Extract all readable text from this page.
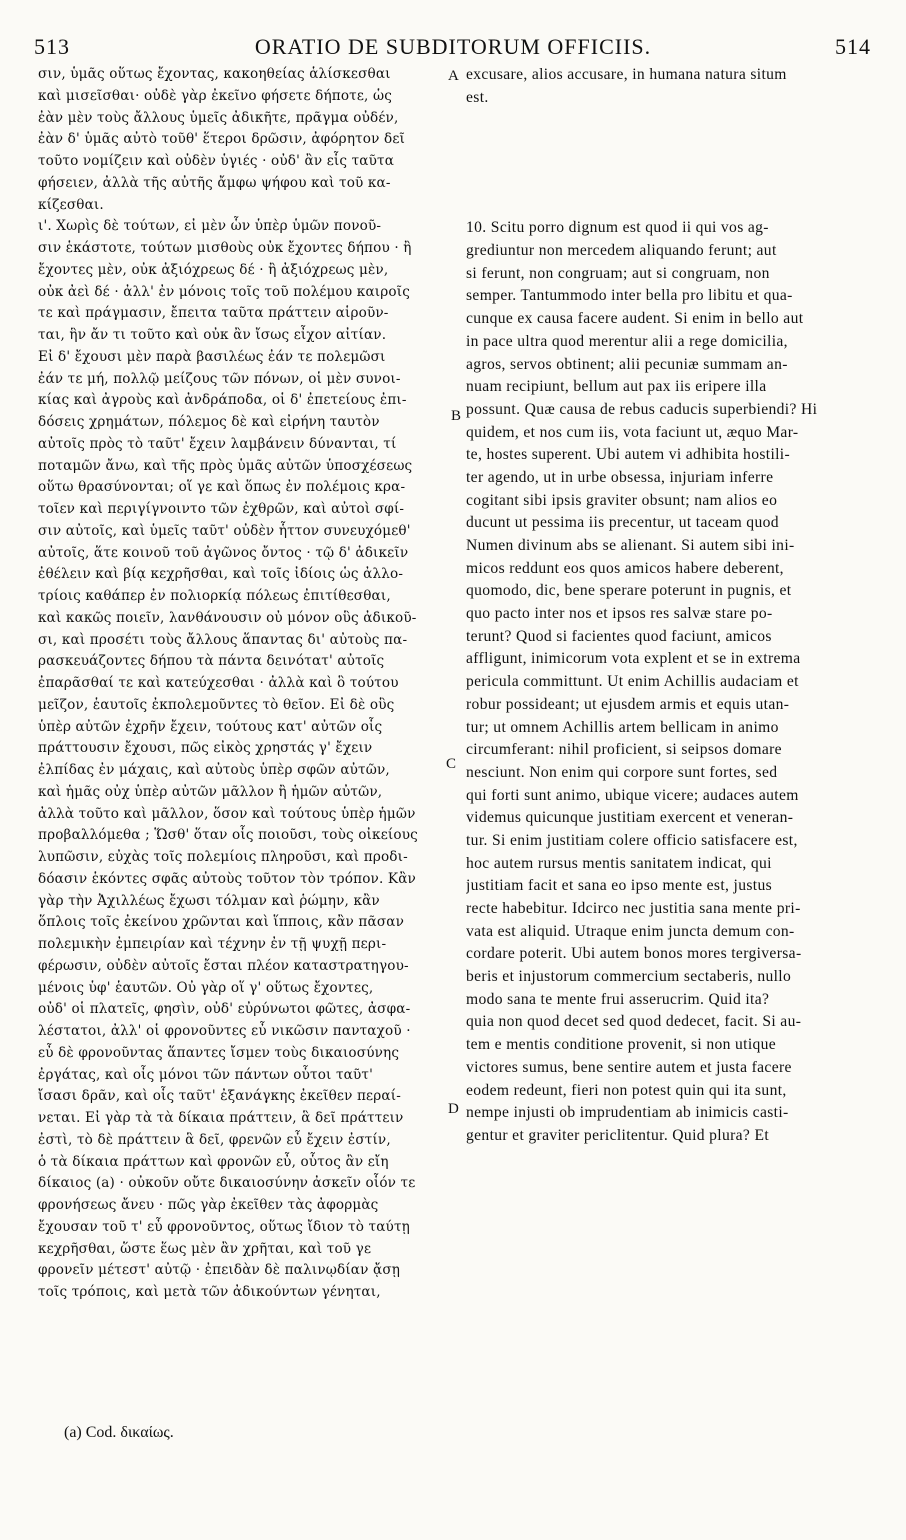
513	ORATIO DE SUBDITORUM OFFICIIS.	514
σιν, ὑμᾶς οὕτως ἔχοντας, κακοηθείας ἁλίσκεσθαι
καὶ μισεῖσθαι· οὐδὲ γὰρ ἐκεῖνο φήσετε δήποτε, ὡς
ἐὰν μὲν τοὺς ἄλλους ὑμεῖς ἀδικῆτε, πρᾶγμα οὐδέν,
ἐὰν δ' ὑμᾶς αὐτὸ τοῦθ' ἕτεροι δρῶσιν, ἀφόρητον δεῖ
τοῦτο νομίζειν καὶ οὐδὲν ὑγιές · οὐδ' ἂν εἷς ταῦτα
φήσειεν, ἀλλὰ τῆς αὐτῆς ἄμφω ψήφου καὶ τοῦ κα-
κίζεσθαι.
ι'. Χωρὶς δὲ τούτων, εἰ μὲν ὧν ὑπὲρ ὑμῶν πονοῦ-
σιν ἑκάστοτε, τούτων μισθοὺς οὐκ ἔχοντες δήπου · ἢ
ἔχοντες μὲν, οὐκ ἀξιόχρεως δέ · ἢ ἀξιόχρεως μὲν,
οὐκ ἀεὶ δέ · ἀλλ' ἐν μόνοις τοῖς τοῦ πολέμου καιροῖς
τε καὶ πράγμασιν, ἔπειτα ταῦτα πράττειν αἱροῦν-
ται, ἣν ἄν τι τοῦτο καὶ οὐκ ἂν ἴσως εἶχον αἰτίαν.
Εἰ δ' ἔχουσι μὲν παρὰ βασιλέως ἐάν τε πολεμῶσι
ἐάν τε μή, πολλῷ μείζους τῶν πόνων, οἱ μὲν συνοι-
κίας καὶ ἀγροὺς καὶ ἀνδράποδα, οἱ δ' ἐπετείους ἐπι-
δόσεις χρημάτων, πόλεμος δὲ καὶ εἰρήνη ταυτὸν
αὐτοῖς πρὸς τὸ ταῦτ' ἔχειν λαμβάνειν δύνανται, τί
ποταμῶν ἄνω, καὶ τῆς πρὸς ὑμᾶς αὐτῶν ὑποσχέσεως
οὕτω θρασύνονται; οἵ γε καὶ ὅπως ἐν πολέμοις κρα-
τοῖεν καὶ περιγίγνοιντο τῶν ἐχθρῶν, καὶ αὐτοὶ σφί-
σιν αὐτοῖς, καὶ ὑμεῖς ταῦτ' οὐδὲν ἧττον συνευχόμεθ'
αὐτοῖς, ἅτε κοινοῦ τοῦ ἀγῶνος ὄντος · τῷ δ' ἀδικεῖν
ἐθέλειν καὶ βίᾳ κεχρῆσθαι, καὶ τοῖς ἰδίοις ὡς ἀλλο-
τρίοις καθάπερ ἐν πολιορκίᾳ πόλεως ἐπιτίθεσθαι,
καὶ κακῶς ποιεῖν, λανθάνουσιν οὐ μόνον οὓς ἀδικοῦ-
σι, καὶ προσέτι τοὺς ἄλλους ἅπαντας δι' αὐτοὺς πα-
ρασκευάζοντες δήπου τὰ πάντα δεινότατ' αὐτοῖς
ἐπαρᾶσθαί τε καὶ κατεύχεσθαι · ἀλλὰ καὶ ὃ τούτου
μεῖζον, ἑαυτοῖς ἐκπολεμοῦντες τὸ θεῖον. Εἰ δὲ οὓς
ὑπὲρ αὐτῶν ἐχρῆν ἔχειν, τούτους κατ' αὐτῶν οἷς
πράττουσιν ἔχουσι, πῶς εἰκὸς χρηστάς γ' ἔχειν
ἐλπίδας ἐν μάχαις, καὶ αὐτοὺς ὑπὲρ σφῶν αὐτῶν,
καὶ ἡμᾶς οὐχ ὑπὲρ αὐτῶν μᾶλλον ἢ ἡμῶν αὐτῶν,
ἀλλὰ τοῦτο καὶ μᾶλλον, ὅσον καὶ τούτους ὑπὲρ ἡμῶν
προβαλλόμεθα ; Ὥσθ' ὅταν οἷς ποιοῦσι, τοὺς οἰκείους
λυπῶσιν, εὐχὰς τοῖς πολεμίοις πληροῦσι, καὶ προδι-
δόασιν ἑκόντες σφᾶς αὐτοὺς τοῦτον τὸν τρόπον. Κἂν
γὰρ τὴν Ἀχιλλέως ἔχωσι τόλμαν καὶ ῥώμην, κἂν
ὅπλοις τοῖς ἐκείνου χρῶνται καὶ ἵπποις, κἂν πᾶσαν
πολεμικὴν ἐμπειρίαν καὶ τέχνην ἐν τῇ ψυχῇ περι-
φέρωσιν, οὐδὲν αὐτοῖς ἔσται πλέον καταστρατηγου-
μένοις ὑφ' ἑαυτῶν. Οὐ γὰρ οἵ γ' οὕτως ἔχοντες,
οὐδ' οἱ πλατεῖς, φησὶν, οὐδ' εὐρύνωτοι φῶτες, ἀσφα-
λέστατοι, ἀλλ' οἱ φρονοῦντες εὖ νικῶσιν πανταχοῦ ·
εὖ δὲ φρονοῦντας ἅπαντες ἴσμεν τοὺς δικαιοσύνης
ἐργάτας, καὶ οἷς μόνοι τῶν πάντων οὗτοι ταῦτ'
ἴσασι δρᾶν, καὶ οἷς ταῦτ' ἐξανάγκης ἐκεῖθεν περαί-
νεται. Εἰ γὰρ τὰ τὰ δίκαια πράττειν, ἃ δεῖ πράττειν
ἐστὶ, τὸ δὲ πράττειν ἃ δεῖ, φρενῶν εὖ ἔχειν ἐστίν,
ὁ τὰ δίκαια πράττων καὶ φρονῶν εὖ, οὗτος ἂν εἴη
δίκαιος (a) · οὐκοῦν οὔτε δικαιοσύνην ἀσκεῖν οἷόν τε
φρονήσεως ἄνευ · πῶς γὰρ ἐκεῖθεν τὰς ἀφορμὰς
ἔχουσαν τοῦ τ' εὖ φρονοῦντος, οὕτως ἴδιον τὸ ταύτῃ
κεχρῆσθαι, ὥστε ἕως μὲν ἂν χρῆται, καὶ τοῦ γε
φρονεῖν μέτεστ' αὐτῷ · ἐπειδὰν δὲ παλινῳδίαν ᾄσῃ
τοῖς τρόποις, καὶ μετὰ τῶν ἀδικούντων γένηται,
excusare, alios accusare, in humana natura situm
est.
10. Scitu porro dignum est quod ii qui vos ag-
grediuntur non mercedem aliquando ferunt; aut
si ferunt, non congruam; aut si congruam, non
semper. Tantummodo inter bella pro libitu et qua-
cunque ex causa facere audent. Si enim in bello aut
in pace ultra quod merentur alii a rege domicilia,
agros, servos obtinent; alii pecuniæ summam an-
nuam recipiunt, bellum aut pax iis eripere illa
possunt. Quæ causa de rebus caducis superbiendi? Hi
quidem, et nos cum iis, vota faciunt ut, æquo Mar-
te, hostes superent. Ubi autem vi adhibita hostili-
ter agendo, ut in urbe obsessa, injuriam inferre
cogitant sibi ipsis graviter obsunt; nam alios eo
ducunt ut pessima iis precentur, ut taceam quod
Numen divinum abs se alienant. Si autem sibi ini-
micos reddunt eos quos amicos habere deberent,
quomodo, dic, bene sperare poterunt in pugnis, et
quo pacto inter nos et ipsos res salvæ stare po-
terunt? Quod si facientes quod faciunt, amicos
affligunt, inimicorum vota explent et se in extrema
pericula committunt. Ut enim Achillis audaciam et
robur possideant; ut ejusdem armis et equis utan-
tur; ut omnem Achillis artem bellicam in animo
circumferant: nihil proficient, si seipsos domare
nesciunt. Non enim qui corpore sunt fortes, sed
qui forti sunt animo, ubique vicere; audaces autem
videmus quicunque justitiam exercent et veneran-
tur. Si enim justitiam colere officio satisfacere est,
hoc autem rursus mentis sanitatem indicat, qui
justitiam facit et sana eo ipso mente est, justus
recte habebitur. Idcirco nec justitia sana mente pri-
vata est aliquid. Utraque enim juncta demum con-
cordare poterit. Ubi autem bonos mores tergiversa-
beris et injustorum commercium sectaberis, nullo
modo sana te mente frui asserucrim. Quid ita?
quia non quod decet sed quod dedecet, facit. Si au-
tem e mentis conditione provenit, si non utique
victores sumus, bene sentire autem et justa facere
eodem redeunt, fieri non potest quin qui ita sunt,
nempe injusti ob imprudentiam ab inimicis casti-
gentur et graviter periclitentur. Quid plura? Et
A
B
C
D
(a) Cod. δικαίως.
